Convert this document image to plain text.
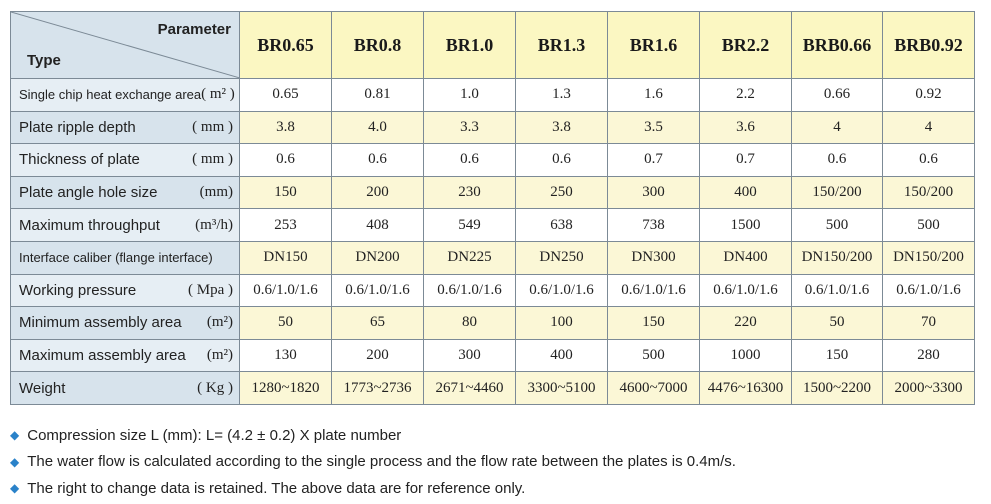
Parameter
Type	BR0.65	BR0.8	BR1.0	BR1.3	BR1.6	BR2.2	BRB0.66	BRB0.92

Single chip heat exchange area ( m² )	0.65	0.81	1.0	1.3	1.6	2.2	0.66	0.92

Plate ripple depth ( mm )	3.8	4.0	3.3	3.8	3.5	3.6	4	4

Thickness of plate ( mm )	0.6	0.6	0.6	0.6	0.7	0.7	0.6	0.6

Plate angle hole size (mm)	150	200	230	250	300	400	150/200	150/200

Maximum throughput (m³/h)	253	408	549	638	738	1500	500	500

Interface caliber (flange interface)	DN150	DN200	DN225	DN250	DN300	DN400	DN150/200	DN150/200

Working pressure ( Mpa )	0.6/1.0/1.6	0.6/1.0/1.6	0.6/1.0/1.6	0.6/1.0/1.6	0.6/1.0/1.6	0.6/1.0/1.6	0.6/1.0/1.6	0.6/1.0/1.6

Minimum assembly area (m²)	50	65	80	100	150	220	50	70

Maximum assembly area (m²)	130	200	300	400	500	1000	150	280

Weight ( Kg )	1280~1820	1773~2736	2671~4460	3300~5100	4600~7000	4476~16300	1500~2200	2000~3300
◆ Compression size L (mm): L= (4.2 ± 0.2) X plate number
◆ The water flow is calculated according to the single process and the flow rate between the plates is 0.4m/s.
◆ The right to change data is retained. The above data are for reference only.
